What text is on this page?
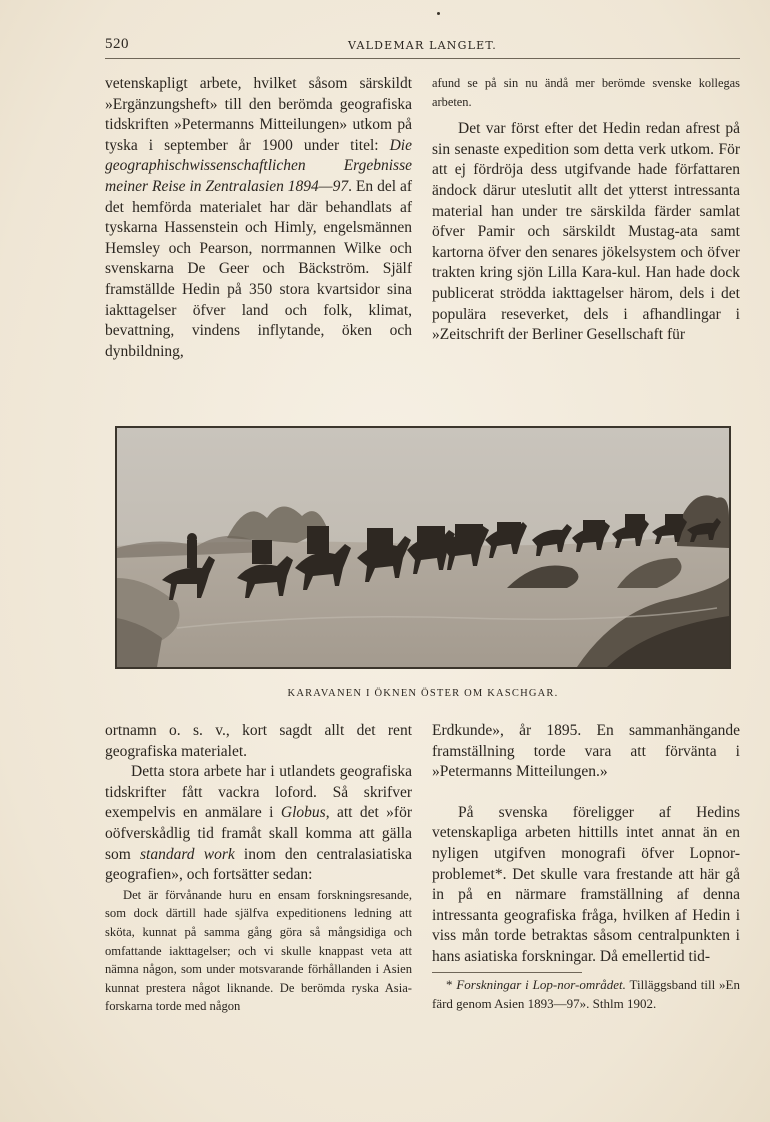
520	VALDEMAR LANGLET.

vetenskapligt arbete, hvilket såsom särskildt »Ergänzungsheft» till den berömda geografiska tidskriften »Petermanns Mitteilungen» utkom på tyska i september år 1900 under titel: Die geographischwissenschaftlichen Ergebnisse meiner Reise in Zentralasien 1894—97. En del af det hemförda materialet har där behandlats af tyskarna Hassenstein och Himly, engelsmännen Hemsley och Pearson, norrmannen Wilke och svenskarna De Geer och Bäckström. Själf framställde Hedin på 350 stora kvartsidor sina iakttagelser öfver land och folk, klimat, bevattning, vindens inflytande, öken och dynbildning,

afund se på sin nu ändå mer berömde svenske kollegas arbeten.

Det var först efter det Hedin redan afrest på sin senaste expedition som detta verk utkom. För att ej fördröja dess utgifvande hade författaren ändock därur uteslutit allt det ytterst intressanta material han under tre särskilda färder samlat öfver Pamir och särskildt Mustag-ata samt kartorna öfver den senares jökelsystem och öfver trakten kring sjön Lilla Kara-kul. Han hade dock publicerat strödda iakttagelser härom, dels i det populära reseverket, dels i afhandlingar i »Zeitschrift der Berliner Gesellschaft für

KARAVANEN I ÖKNEN ÖSTER OM KASCHGAR.

ortnamn o. s. v., kort sagdt allt det rent geografiska materialet.

Detta stora arbete har i utlandets geografiska tidskrifter fått vackra loford. Så skrifver exempelvis en anmälare i Globus, att det »för oöfverskådlig tid framåt skall komma att gälla som standard work inom den centralasiatiska geografien», och fortsätter sedan:

Det är förvånande huru en ensam forskningsresande, som dock därtill hade själfva expeditionens ledning att sköta, kunnat på samma gång göra så mångsidiga och omfattande iakttagelser; och vi skulle knappast veta att nämna någon, som under motsvarande förhållanden i Asien kunnat prestera något liknande. De berömda ryska Asia-forskarna torde med någon

Erdkunde», år 1895. En sammanhängande framställning torde vara att förvänta i »Petermanns Mitteilungen.»

På svenska föreligger af Hedins vetenskapliga arbeten hittills intet annat än en nyligen utgifven monografi öfver Lopnor-problemet*. Det skulle vara frestande att här gå in på en närmare framställning af denna intressanta geografiska fråga, hvilken af Hedin i viss mån torde betraktas såsom centralpunkten i hans asiatiska forskningar. Då emellertid tid-

* Forskningar i Lop-nor-området. Tilläggsband till »En färd genom Asien 1893—97». Sthlm 1902.
